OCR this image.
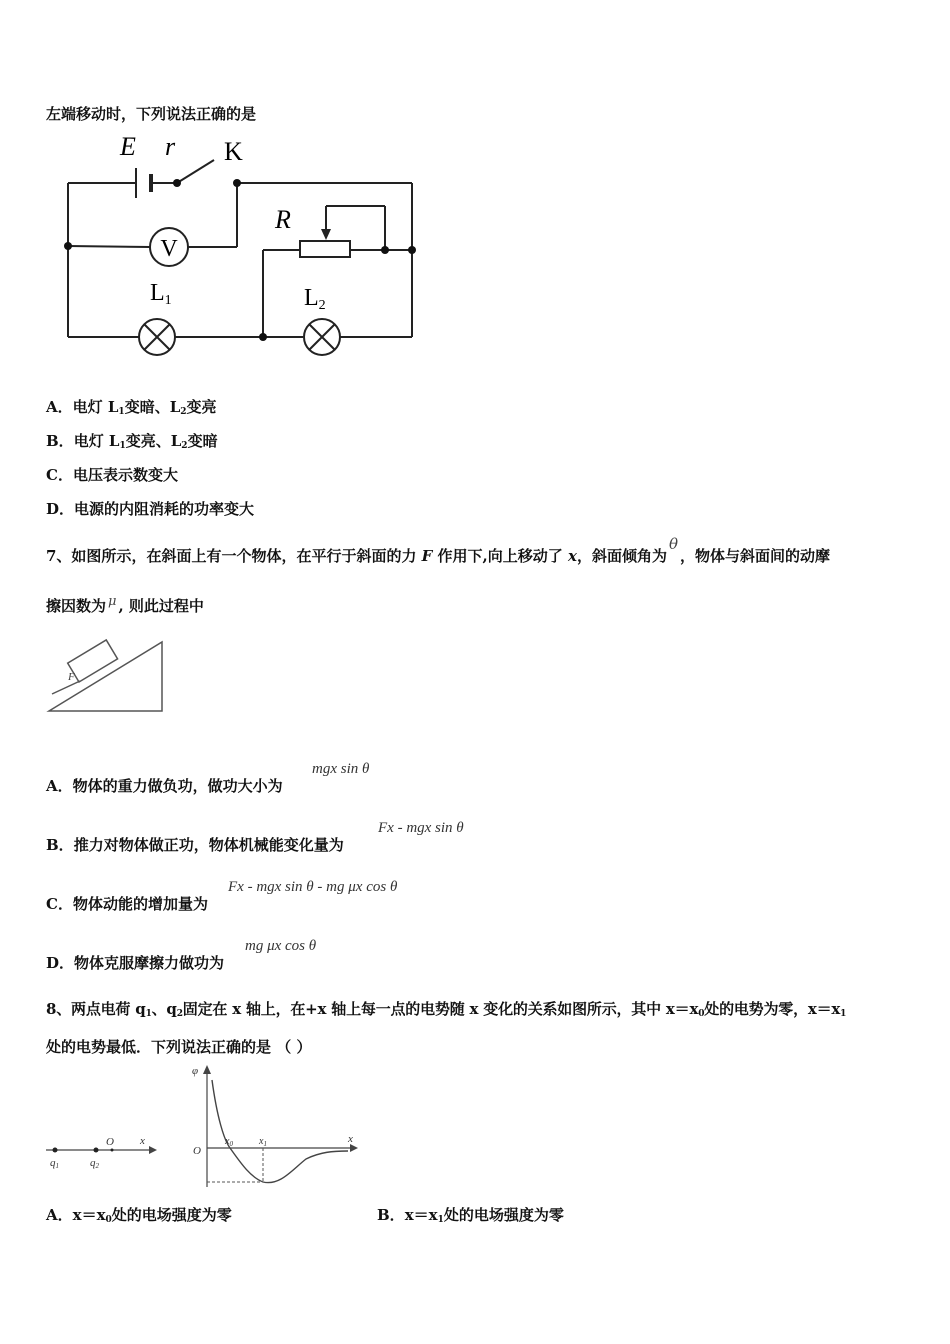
左端移动时，下列说法正确的是
V
E r K
R
L1	L2
A．电灯 $L_1$变暗、$L_2$变亮
B．电灯 $L_1$变亮、$L_2$变暗
C．电压表示数变大
D．电源的内阻消耗的功率变大
7、如图所示，在斜面上有一个物体，在平行于斜面的力 F 作用下,向上移动了 x，斜面倾角为θ，物体与斜面间的动摩
擦因数为 μ , 则此过程中
F
A．物体的重力做负功，做功大小为
mgx sin θ
B．推力对物体做正功，物体机械能变化量为
Fx - mgx sin θ
C．物体动能的增加量为
Fx - mgx sin θ - mg μx cos θ
D．物体克服摩擦力做功为
mg μx cos θ
8、两点电荷 $q_1$、$q_2$固定在 x 轴上，在+x 轴上每一点的电势随 x 变化的关系如图所示，其中 $x=x_0$处的电势为零，$x=x_1$
处的电势最低．下列说法正确的是 （ ）
q1	q2
O x
φ
O
$x_0$	$x_1$	x
A．$x=x_0$处的电场强度为零	B．$x=x_1$处的电场强度为零
